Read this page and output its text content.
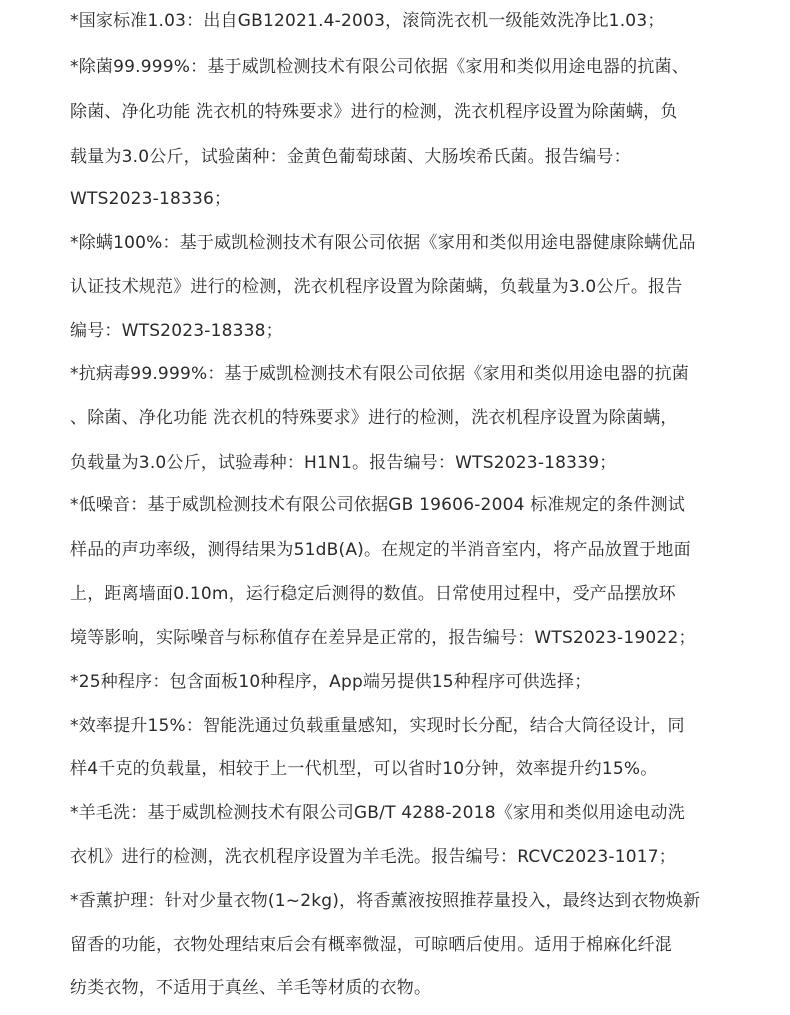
*国家标准1.03：出自GB12021.4-2003，滚筒洗衣机一级能效洗净比1.03；
*除菌99.999%：基于威凯检测技术有限公司依据《家用和类似用途电器的抗菌、
除菌、净化功能 洗衣机的特殊要求》进行的检测，洗衣机程序设置为除菌螨，负
载量为3.0公斤，试验菌种：金黄色葡萄球菌、大肠埃希氏菌。报告编号：
WTS2023-18336；
*除螨100%：基于威凯检测技术有限公司依据《家用和类似用途电器健康除螨优品
认证技术规范》进行的检测，洗衣机程序设置为除菌螨，负载量为3.0公斤。报告
编号：WTS2023-18338；
*抗病毒99.999%：基于威凯检测技术有限公司依据《家用和类似用途电器的抗菌
、除菌、净化功能 洗衣机的特殊要求》进行的检测，洗衣机程序设置为除菌螨，
负载量为3.0公斤，试验毒种：H1N1。报告编号：WTS2023-18339；
*低噪音：基于威凯检测技术有限公司依据GB 19606-2004 标准规定的条件测试
样品的声功率级，测得结果为51dB(A)。在规定的半消音室内，将产品放置于地面
上，距离墙面0.10m，运行稳定后测得的数值。日常使用过程中，受产品摆放环
境等影响，实际噪音与标称值存在差异是正常的，报告编号：WTS2023-19022；
*25种程序：包含面板10种程序，App端另提供15种程序可供选择；
*效率提升15%：智能洗通过负载重量感知，实现时长分配，结合大筒径设计，同
样4千克的负载量，相较于上一代机型，可以省时10分钟，效率提升约15%。
*羊毛洗：基于威凯检测技术有限公司GB/T 4288-2018《家用和类似用途电动洗
衣机》进行的检测，洗衣机程序设置为羊毛洗。报告编号：RCVC2023-1017；
*香薰护理：针对少量衣物(1~2kg)，将香薰液按照推荐量投入，最终达到衣物焕新
留香的功能，衣物处理结束后会有概率微湿，可晾晒后使用。适用于棉麻化纤混
纺类衣物，不适用于真丝、羊毛等材质的衣物。
